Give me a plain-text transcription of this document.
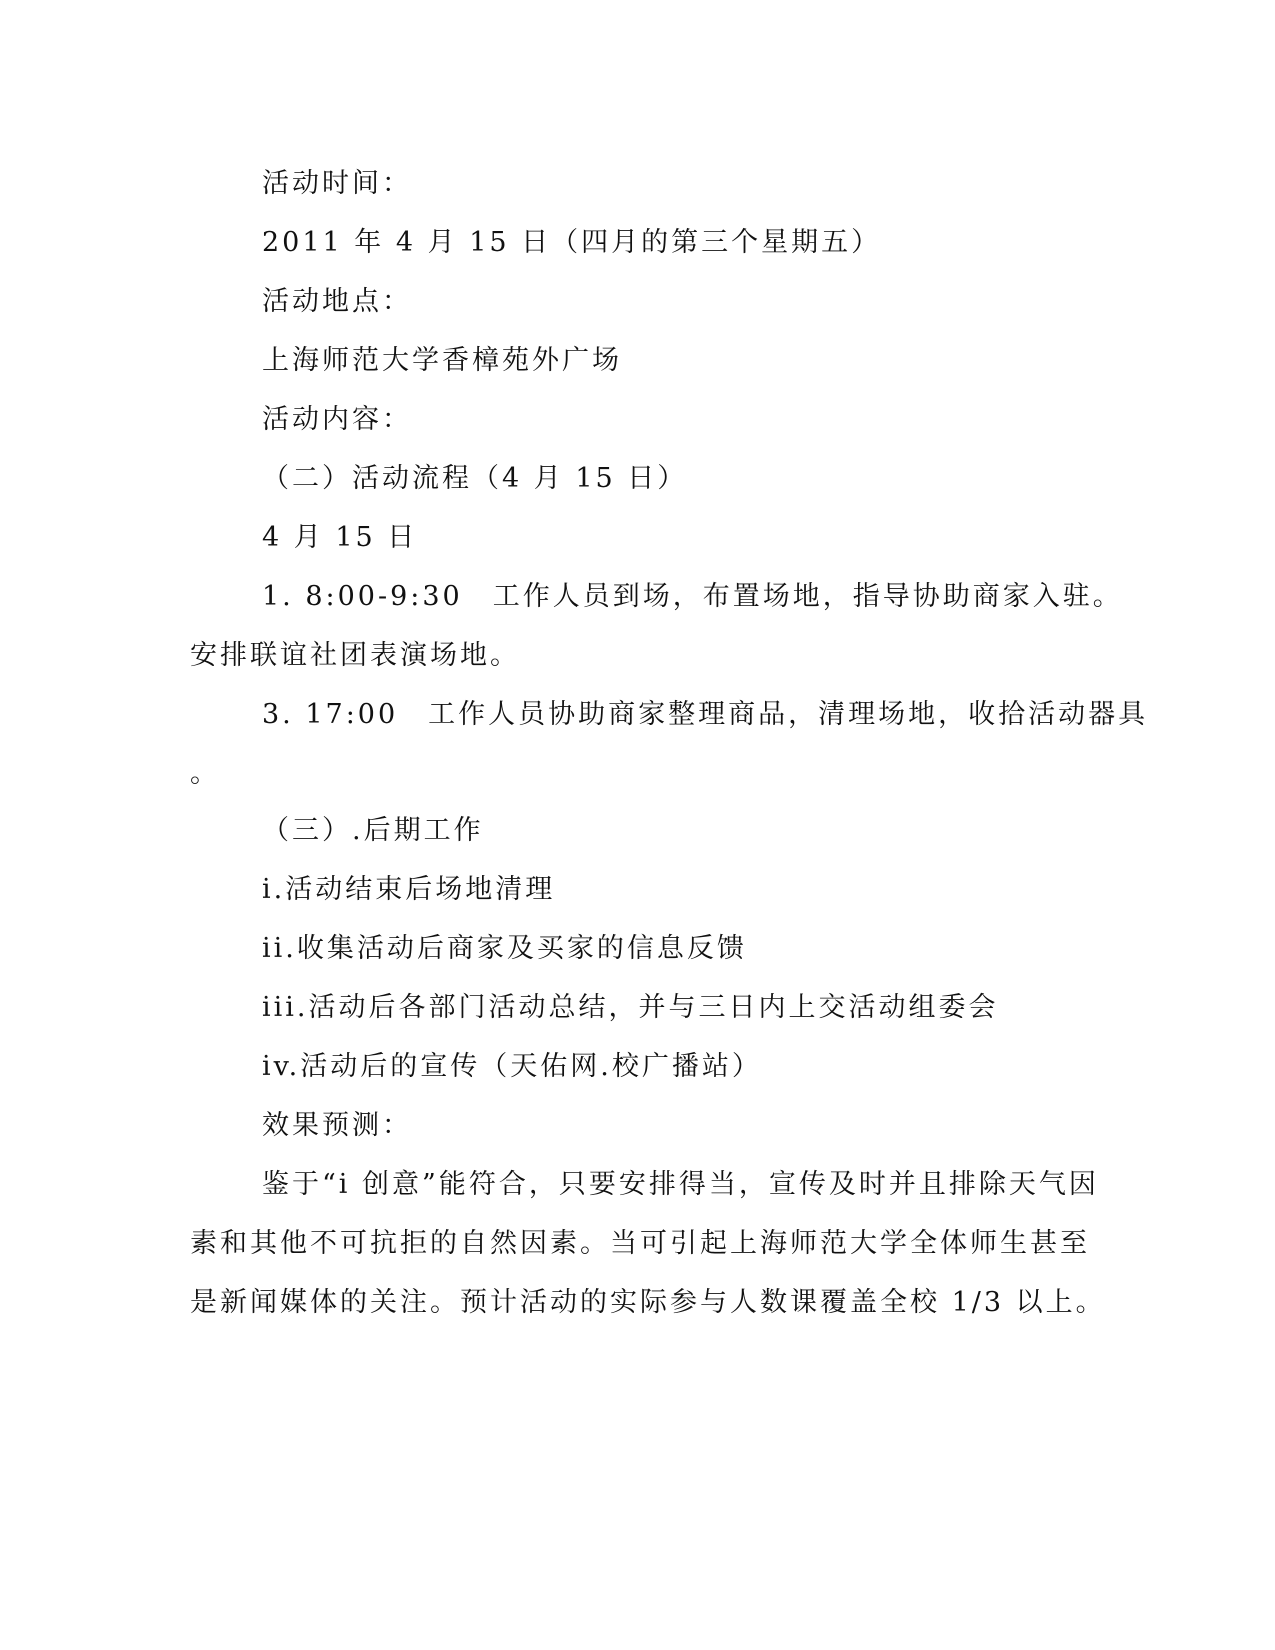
活动时间：

2011 年 4 月 15 日（四月的第三个星期五）

活动地点：

上海师范大学香樟苑外广场

活动内容：

（二）活动流程（4 月 15 日）

4 月 15 日

1. 8:00-9:30　工作人员到场，布置场地，指导协助商家入驻。

安排联谊社团表演场地。

3. 17:00　工作人员协助商家整理商品，清理场地，收拾活动器具

。

（三）.后期工作

i.活动结束后场地清理

ii.收集活动后商家及买家的信息反馈

iii.活动后各部门活动总结，并与三日内上交活动组委会

iv.活动后的宣传（天佑网.校广播站）

效果预测：

鉴于“i 创意”能符合，只要安排得当，宣传及时并且排除天气因

素和其他不可抗拒的自然因素。当可引起上海师范大学全体师生甚至

是新闻媒体的关注。预计活动的实际参与人数课覆盖全校 1/3 以上。
